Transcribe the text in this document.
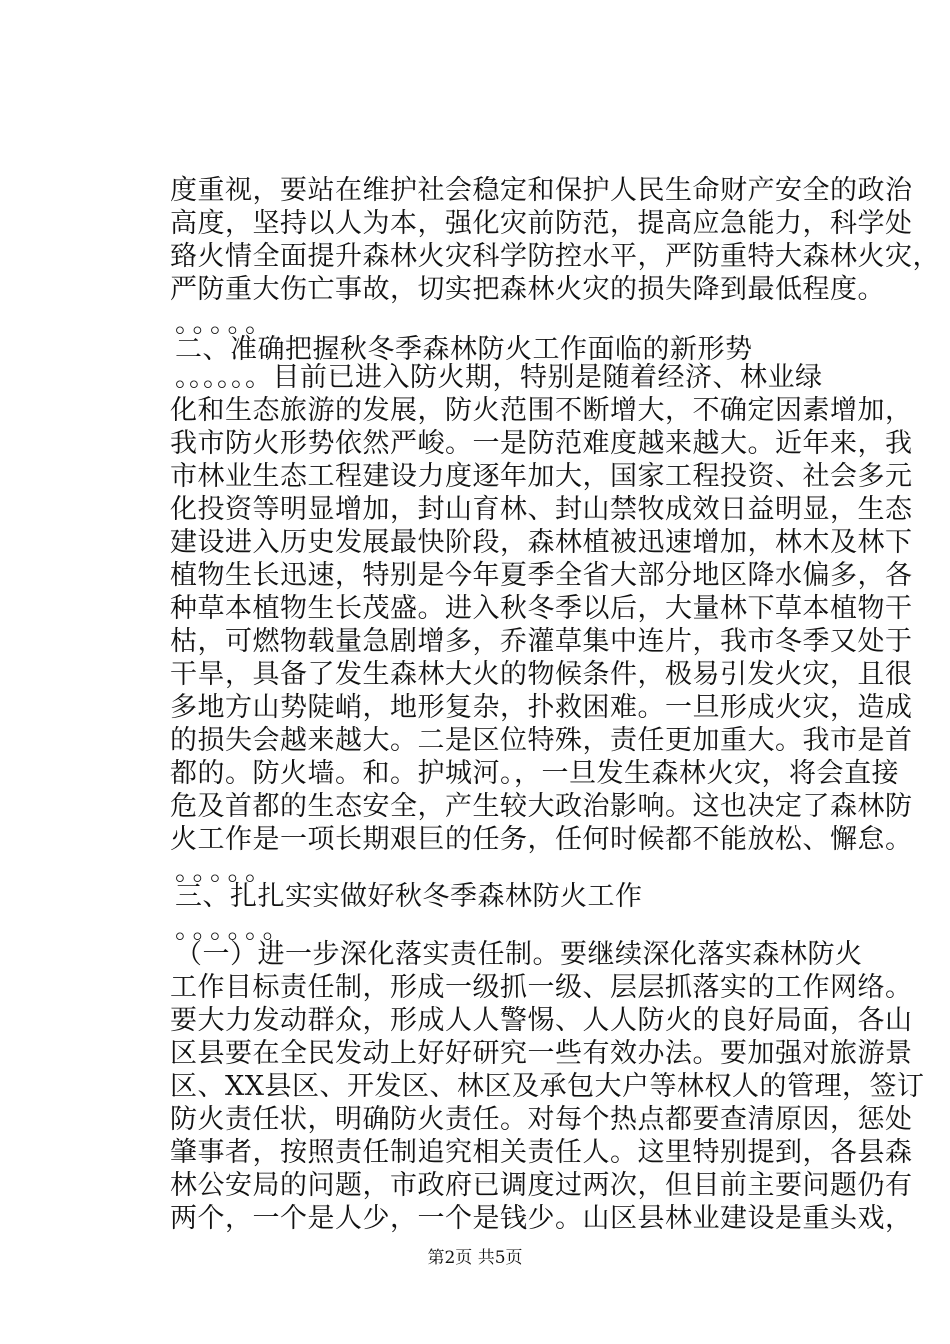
度重视，要站在维护社会稳定和保护人民生命财产安全的政治
高度，坚持以人为本，强化灾前防范，提高应急能力，科学处
臵火情全面提升森林火灾科学防控水平，严防重特大森林火灾，
严防重大伤亡事故，切实把森林火灾的损失降到最低程度。
。。。。。
二、准确把握秋冬季森林防火工作面临的新形势
。。。。。。目前已进入防火期，特别是随着经济、林业绿
化和生态旅游的发展，防火范围不断增大，不确定因素增加，
我市防火形势依然严峻。一是防范难度越来越大。近年来，我
市林业生态工程建设力度逐年加大，国家工程投资、社会多元
化投资等明显增加，封山育林、封山禁牧成效日益明显，生态
建设进入历史发展最快阶段，森林植被迅速增加，林木及林下
植物生长迅速，特别是今年夏季全省大部分地区降水偏多，各
种草本植物生长茂盛。进入秋冬季以后，大量林下草本植物干
枯，可燃物载量急剧增多，乔灌草集中连片，我市冬季又处于
干旱，具备了发生森林大火的物候条件，极易引发火灾，且很
多地方山势陡峭，地形复杂，扑救困难。一旦形成火灾，造成
的损失会越来越大。二是区位特殊，责任更加重大。我市是首
都的。防火墙。和。护城河。，一旦发生森林火灾，将会直接
危及首都的生态安全，产生较大政治影响。这也决定了森林防
火工作是一项长期艰巨的任务，任何时候都不能放松、懈怠。
。。。。。
三、扎扎实实做好秋冬季森林防火工作
。。。。。。
（一）进一步深化落实责任制。要继续深化落实森林防火
工作目标责任制，形成一级抓一级、层层抓落实的工作网络。
要大力发动群众，形成人人警惕、人人防火的良好局面，各山
区县要在全民发动上好好研究一些有效办法。要加强对旅游景
区、XX县区、开发区、林区及承包大户等林权人的管理，签订
防火责任状，明确防火责任。对每个热点都要查清原因，惩处
肇事者，按照责任制追究相关责任人。这里特别提到，各县森
林公安局的问题，市政府已调度过两次，但目前主要问题仍有
两个，一个是人少，一个是钱少。山区县林业建设是重头戏，
第2页 共5页
